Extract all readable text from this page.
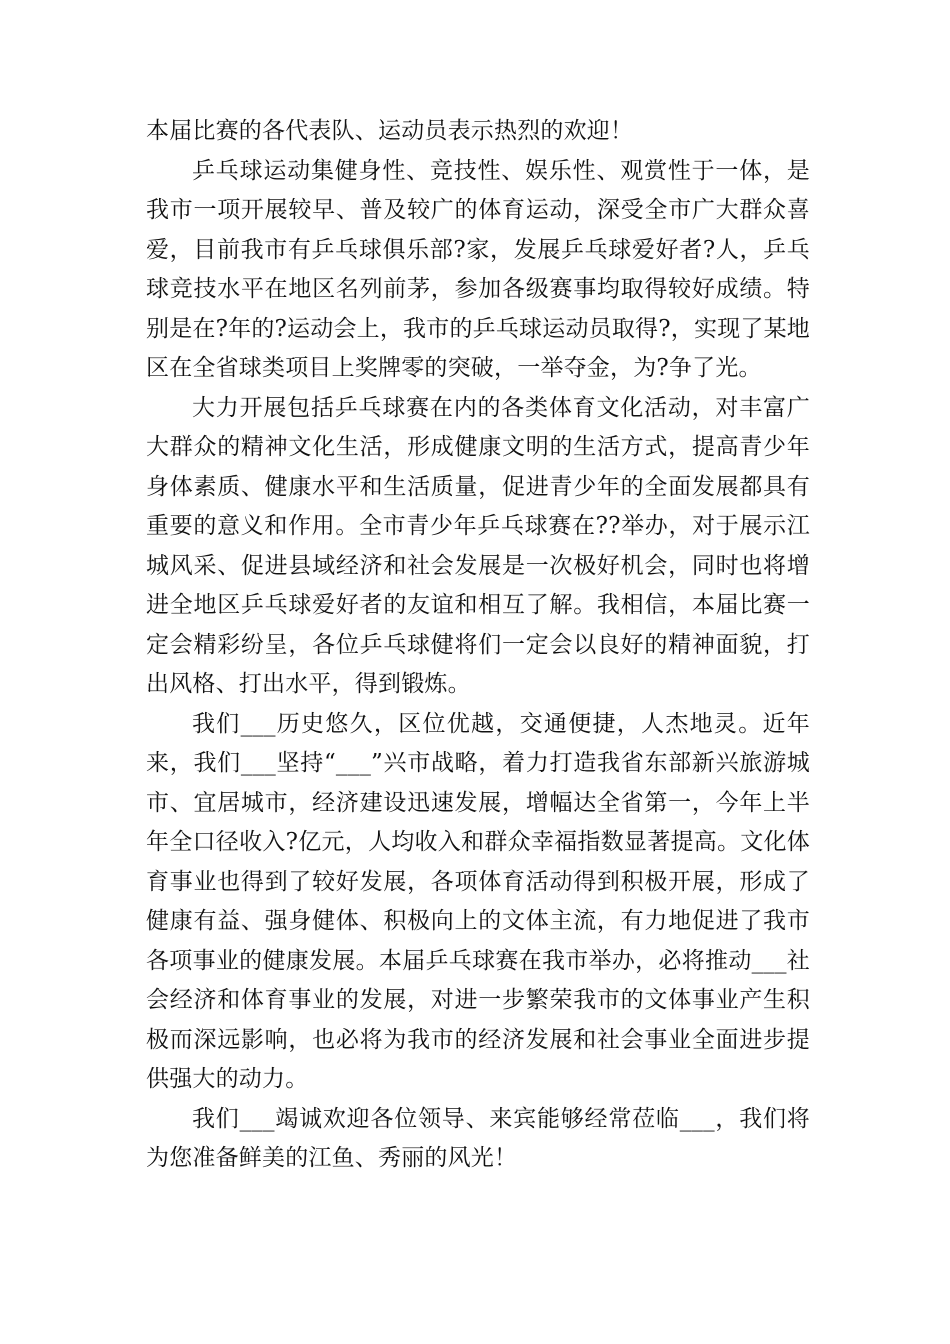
本届比赛的各代表队、运动员表示热烈的欢迎！

乒乓球运动集健身性、竞技性、娱乐性、观赏性于一体，是我市一项开展较早、普及较广的体育运动，深受全市广大群众喜爱，目前我市有乒乓球俱乐部?家，发展乒乓球爱好者?人，乒乓球竞技水平在地区名列前茅，参加各级赛事均取得较好成绩。特别是在?年的?运动会上，我市的乒乓球运动员取得?，实现了某地区在全省球类项目上奖牌零的突破，一举夺金，为?争了光。

大力开展包括乒乓球赛在内的各类体育文化活动，对丰富广大群众的精神文化生活，形成健康文明的生活方式，提高青少年身体素质、健康水平和生活质量，促进青少年的全面发展都具有重要的意义和作用。全市青少年乒乓球赛在??举办，对于展示江城风采、促进县域经济和社会发展是一次极好机会，同时也将增进全地区乒乓球爱好者的友谊和相互了解。我相信，本届比赛一定会精彩纷呈，各位乒乓球健将们一定会以良好的精神面貌，打出风格、打出水平，得到锻炼。

我们___历史悠久，区位优越，交通便捷，人杰地灵。近年来，我们___坚持“___”兴市战略，着力打造我省东部新兴旅游城市、宜居城市，经济建设迅速发展，增幅达全省第一，今年上半年全口径收入?亿元，人均收入和群众幸福指数显著提高。文化体育事业也得到了较好发展，各项体育活动得到积极开展，形成了健康有益、强身健体、积极向上的文体主流，有力地促进了我市各项事业的健康发展。本届乒乓球赛在我市举办，必将推动___社会经济和体育事业的发展，对进一步繁荣我市的文体事业产生积极而深远影响，也必将为我市的经济发展和社会事业全面进步提供强大的动力。

我们___竭诚欢迎各位领导、来宾能够经常莅临___，我们将为您准备鲜美的江鱼、秀丽的风光！
